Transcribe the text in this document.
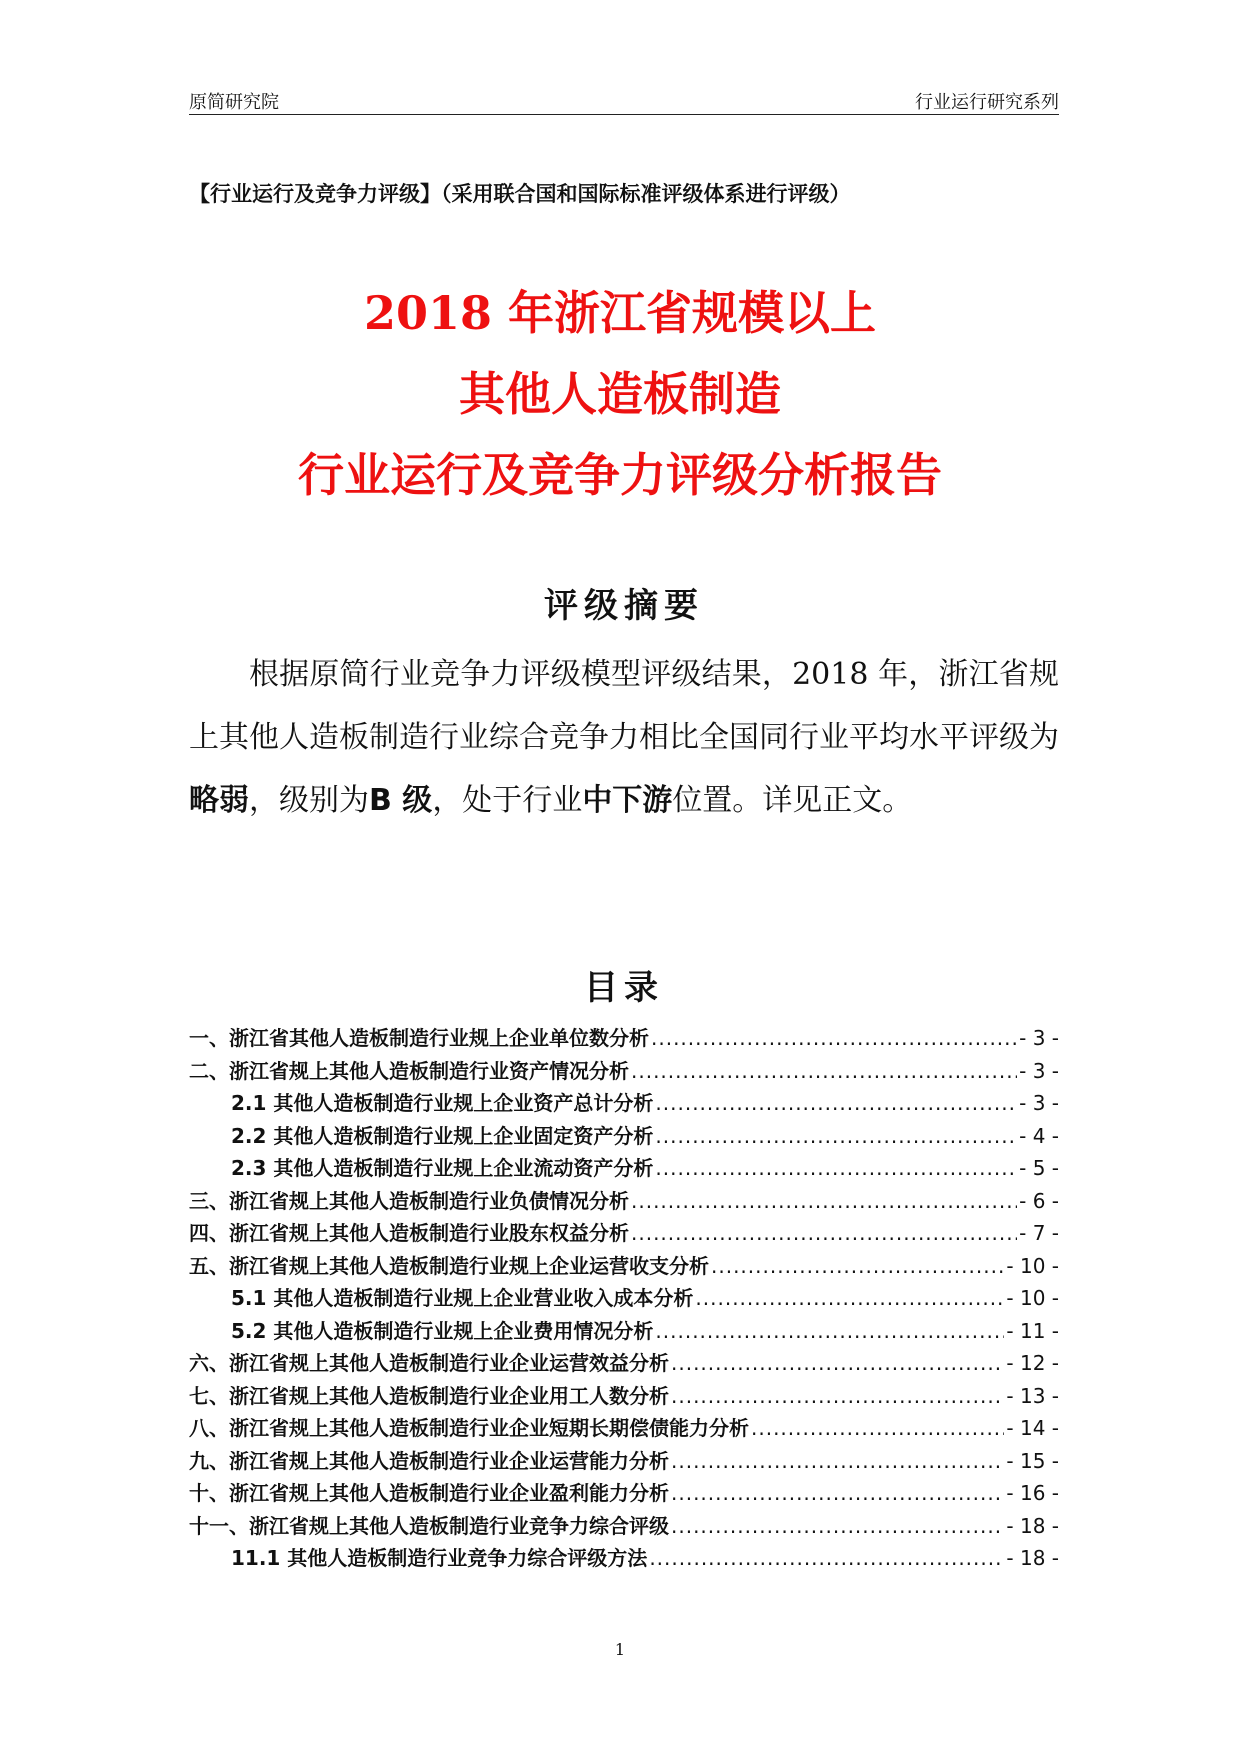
原简研究院	行业运行研究系列
【行业运行及竞争力评级】（采用联合国和国际标准评级体系进行评级）
2018 年浙江省规模以上
其他人造板制造
行业运行及竞争力评级分析报告
评级摘要
根据原简行业竞争力评级模型评级结果，2018 年，浙江省规上其他人造板制造行业综合竞争力相比全国同行业平均水平评级为略弱，级别为B 级，处于行业中下游位置。详见正文。
目录
一、浙江省其他人造板制造行业规上企业单位数分析 .....	- 3 -
二、浙江省规上其他人造板制造行业资产情况分析 .....	- 3 -
2.1 其他人造板制造行业规上企业资产总计分析 .....	- 3 -
2.2 其他人造板制造行业规上企业固定资产分析 .....	- 4 -
2.3 其他人造板制造行业规上企业流动资产分析 .....	- 5 -
三、浙江省规上其他人造板制造行业负债情况分析 .....	- 6 -
四、浙江省规上其他人造板制造行业股东权益分析 .....	- 7 -
五、浙江省规上其他人造板制造行业规上企业运营收支分析 .....	- 10 -
5.1 其他人造板制造行业规上企业营业收入成本分析 .....	- 10 -
5.2 其他人造板制造行业规上企业费用情况分析 .....	- 11 -
六、浙江省规上其他人造板制造行业企业运营效益分析 .....	- 12 -
七、浙江省规上其他人造板制造行业企业用工人数分析 .....	- 13 -
八、浙江省规上其他人造板制造行业企业短期长期偿债能力分析 .....	- 14 -
九、浙江省规上其他人造板制造行业企业运营能力分析 .....	- 15 -
十、浙江省规上其他人造板制造行业企业盈利能力分析 .....	- 16 -
十一、浙江省规上其他人造板制造行业竞争力综合评级 .....	- 18 -
11.1 其他人造板制造行业竞争力综合评级方法 .....	- 18 -
1
